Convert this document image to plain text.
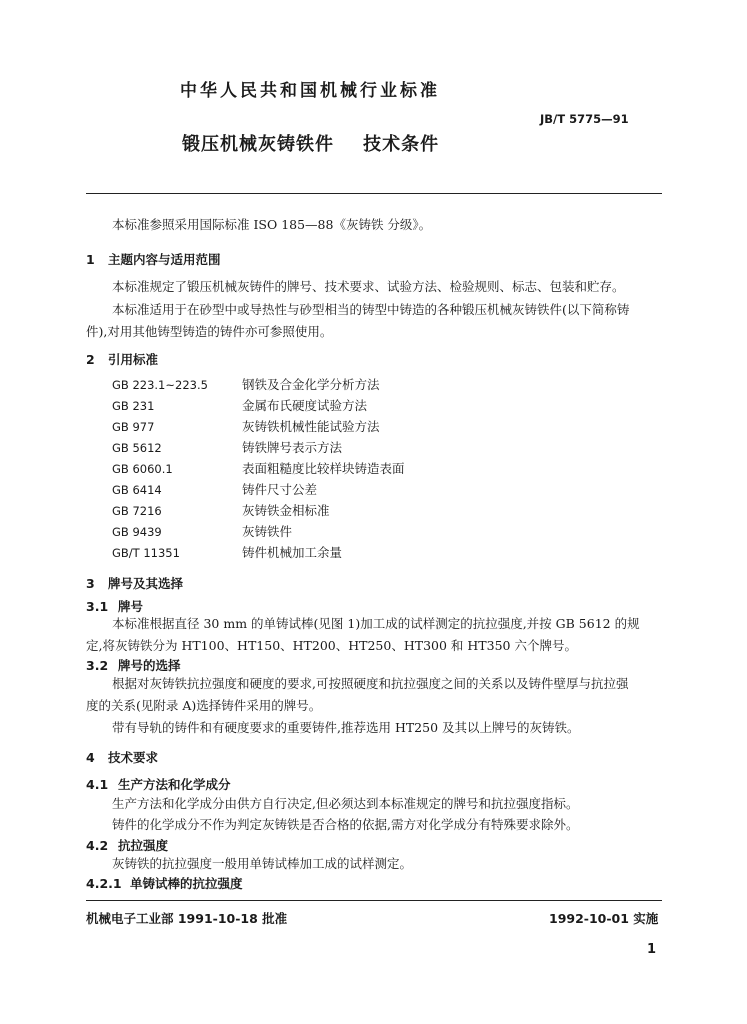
中华人民共和国机械行业标准
JB/T 5775—91
锻压机械灰铸铁件    技术条件
本标准参照采用国际标准 ISO 185—88《灰铸铁 分级》。
1 主题内容与适用范围
本标准规定了锻压机械灰铸件的牌号、技术要求、试验方法、检验规则、标志、包装和贮存。
本标准适用于在砂型中或导热性与砂型相当的铸型中铸造的各种锻压机械灰铸铁件(以下简称铸
件),对用其他铸型铸造的铸件亦可参照使用。
2 引用标准
GB 223.1~223.5	钢铁及合金化学分析方法
GB 231	金属布氏硬度试验方法
GB 977	灰铸铁机械性能试验方法
GB 5612	铸铁牌号表示方法
GB 6060.1	表面粗糙度比较样块铸造表面
GB 6414	铸件尺寸公差
GB 7216	灰铸铁金相标准
GB 9439	灰铸铁件
GB/T 11351	铸件机械加工余量
3 牌号及其选择
3.1 牌号
本标准根据直径 30 mm 的单铸试棒(见图 1)加工成的试样测定的抗拉强度,并按 GB 5612 的规
定,将灰铸铁分为 HT100、HT150、HT200、HT250、HT300 和 HT350 六个牌号。
3.2 牌号的选择
根据对灰铸铁抗拉强度和硬度的要求,可按照硬度和抗拉强度之间的关系以及铸件壁厚与抗拉强
度的关系(见附录 A)选择铸件采用的牌号。
带有导轨的铸件和有硬度要求的重要铸件,推荐选用 HT250 及其以上牌号的灰铸铁。
4 技术要求
4.1 生产方法和化学成分
生产方法和化学成分由供方自行决定,但必须达到本标准规定的牌号和抗拉强度指标。
铸件的化学成分不作为判定灰铸铁是否合格的依据,需方对化学成分有特殊要求除外。
4.2 抗拉强度
灰铸铁的抗拉强度一般用单铸试棒加工成的试样测定。
4.2.1 单铸试棒的抗拉强度
机械电子工业部 1991-10-18 批准	1992-10-01 实施
1
